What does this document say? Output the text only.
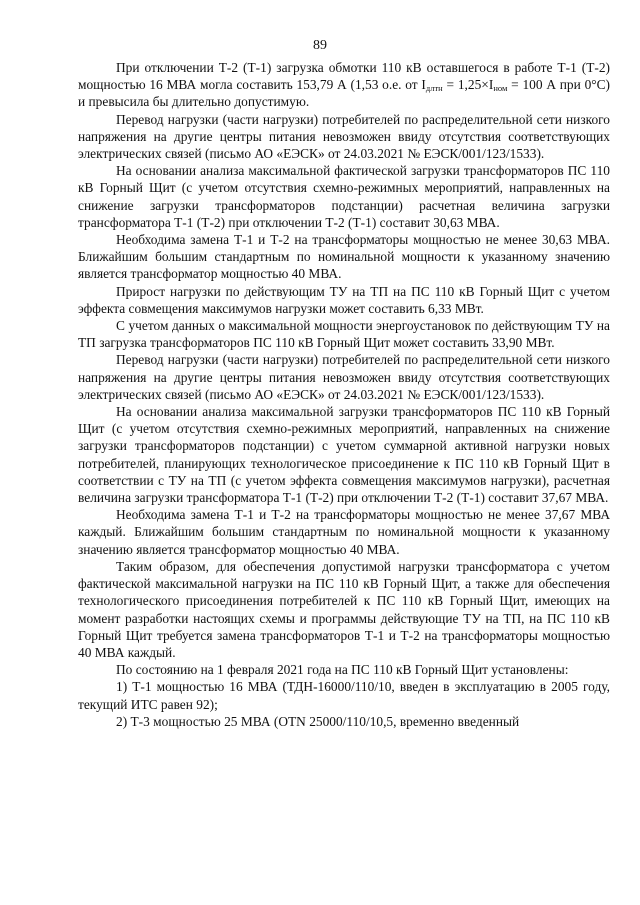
89

При отключении Т-2 (Т-1) загрузка обмотки 110 кВ оставшегося в работе Т-1 (Т-2) мощностью 16 МВА могла составить 153,79 А (1,53 о.е. от $I_{длтн} = 1,25\times I_{ном} = 100$ А при 0°С) и превысила бы длительно допустимую.

Перевод нагрузки (части нагрузки) потребителей по распределительной сети низкого напряжения на другие центры питания невозможен ввиду отсутствия соответствующих электрических связей (письмо АО «ЕЭСК» от 24.03.2021 № ЕЭСК/001/123/1533).

На основании анализа максимальной фактической загрузки трансформаторов ПС 110 кВ Горный Щит (с учетом отсутствия схемно-режимных мероприятий, направленных на снижение загрузки трансформаторов подстанции) расчетная величина загрузки трансформатора Т-1 (Т-2) при отключении Т-2 (Т-1) составит 30,63 МВА.

Необходима замена Т-1 и Т-2 на трансформаторы мощностью не менее 30,63 МВА. Ближайшим большим стандартным по номинальной мощности к указанному значению является трансформатор мощностью 40 МВА.

Прирост нагрузки по действующим ТУ на ТП на ПС 110 кВ Горный Щит с учетом эффекта совмещения максимумов нагрузки может составить 6,33 МВт.

С учетом данных о максимальной мощности энергоустановок по действующим ТУ на ТП загрузка трансформаторов ПС 110 кВ Горный Щит может составить 33,90 МВт.

Перевод нагрузки (части нагрузки) потребителей по распределительной сети низкого напряжения на другие центры питания невозможен ввиду отсутствия соответствующих электрических связей (письмо АО «ЕЭСК» от 24.03.2021 № ЕЭСК/001/123/1533).

На основании анализа максимальной загрузки трансформаторов ПС 110 кВ Горный Щит (с учетом отсутствия схемно-режимных мероприятий, направленных на снижение загрузки трансформаторов подстанции) с учетом суммарной активной нагрузки новых потребителей, планирующих технологическое присоединение к ПС 110 кВ Горный Щит в соответствии с ТУ на ТП (с учетом эффекта совмещения максимумов нагрузки), расчетная величина загрузки трансформатора Т-1 (Т-2) при отключении Т-2 (Т-1) составит 37,67 МВА.

Необходима замена Т-1 и Т-2 на трансформаторы мощностью не менее 37,67 МВА каждый. Ближайшим большим стандартным по номинальной мощности к указанному значению является трансформатор мощностью 40 МВА.

Таким образом, для обеспечения допустимой нагрузки трансформатора с учетом фактической максимальной нагрузки на ПС 110 кВ Горный Щит, а также для обеспечения технологического присоединения потребителей к ПС 110 кВ Горный Щит, имеющих на момент разработки настоящих схемы и программы действующие ТУ на ТП, на ПС 110 кВ Горный Щит требуется замена трансформаторов Т-1 и Т-2 на трансформаторы мощностью 40 МВА каждый.

По состоянию на 1 февраля 2021 года на ПС 110 кВ Горный Щит установлены:

1) Т-1 мощностью 16 МВА (ТДН-16000/110/10, введен в эксплуатацию в 2005 году, текущий ИТС равен 92);

2) Т-3 мощностью 25 МВА (OTN 25000/110/10,5, временно введенный
